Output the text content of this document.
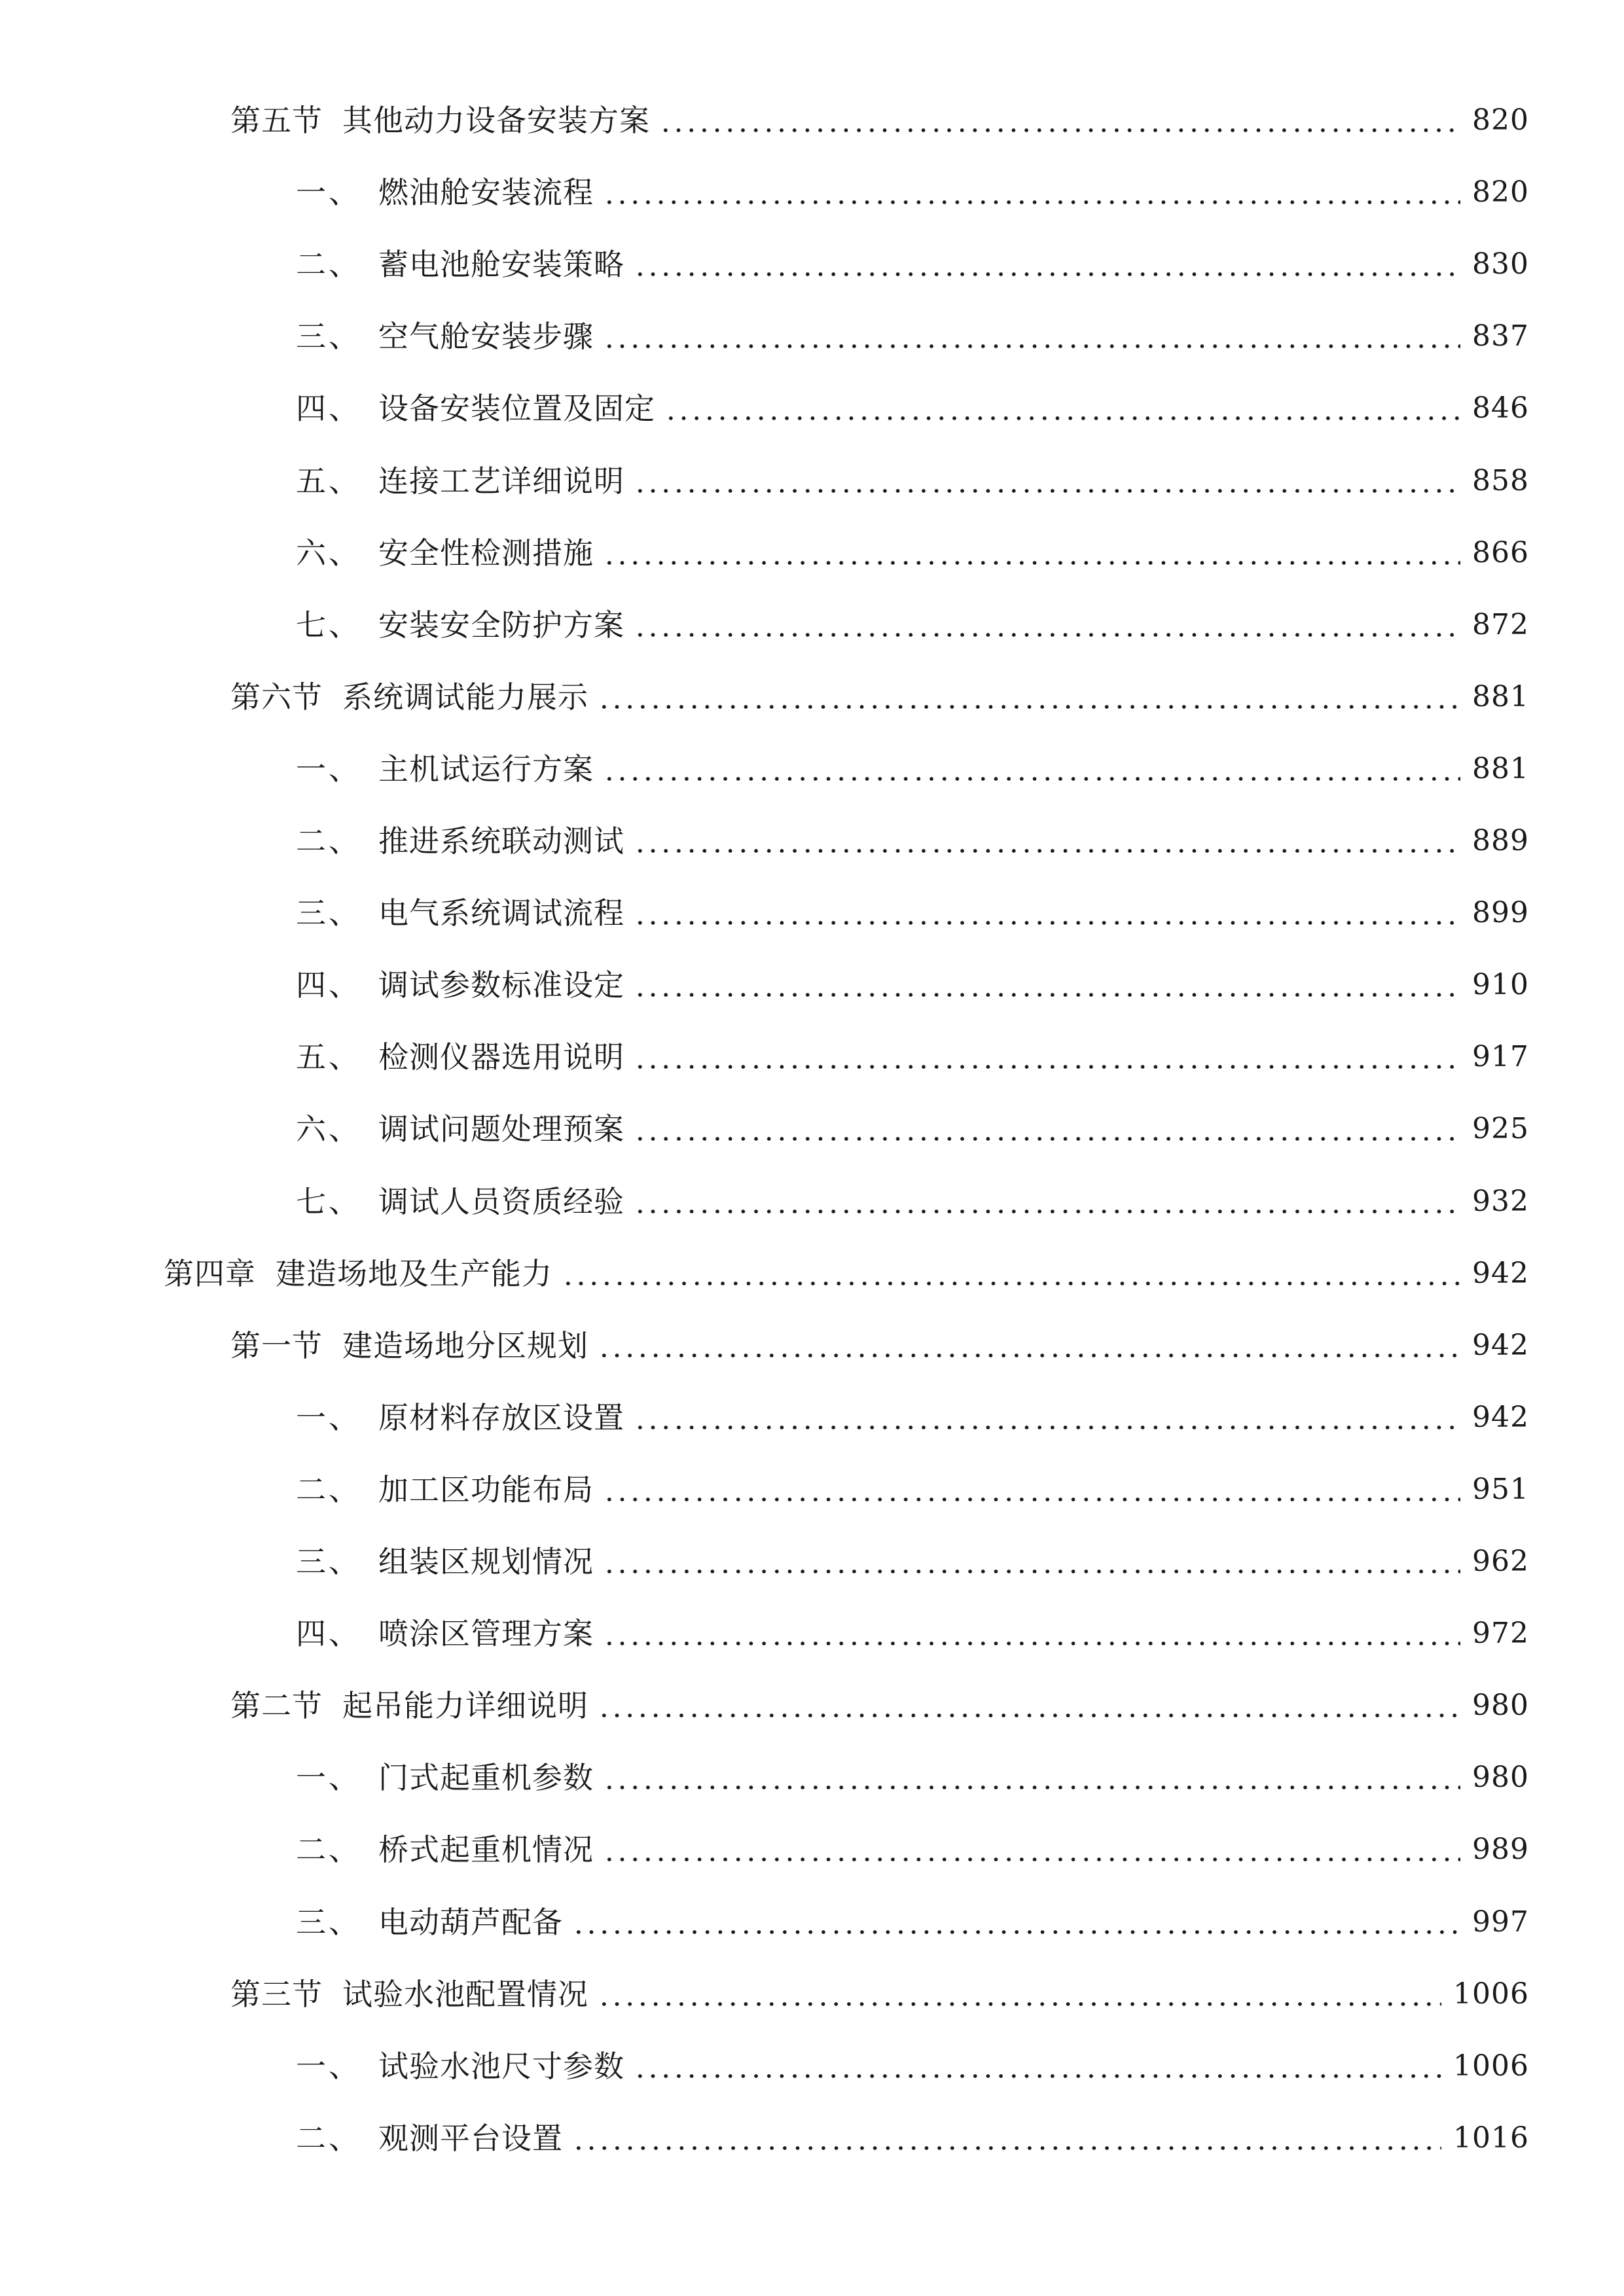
第五节 其他动力设备安装方案	820
一、 燃油舱安装流程	820
二、 蓄电池舱安装策略	830
三、 空气舱安装步骤	837
四、 设备安装位置及固定	846
五、 连接工艺详细说明	858
六、 安全性检测措施	866
七、 安装安全防护方案	872
第六节 系统调试能力展示	881
一、 主机试运行方案	881
二、 推进系统联动测试	889
三、 电气系统调试流程	899
四、 调试参数标准设定	910
五、 检测仪器选用说明	917
六、 调试问题处理预案	925
七、 调试人员资质经验	932
第四章 建造场地及生产能力	942
第一节 建造场地分区规划	942
一、 原材料存放区设置	942
二、 加工区功能布局	951
三、 组装区规划情况	962
四、 喷涂区管理方案	972
第二节 起吊能力详细说明	980
一、 门式起重机参数	980
二、 桥式起重机情况	989
三、 电动葫芦配备	997
第三节 试验水池配置情况	1006
一、 试验水池尺寸参数	1006
二、 观测平台设置	1016
